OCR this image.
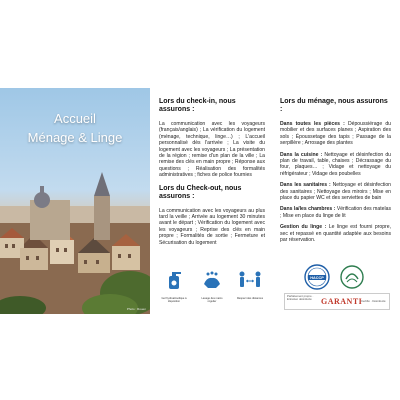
Accueil
Ménage & Linge
Photo : Rouen
Lors du check-in, nous assurons :

La communication avec les voyageurs (français/anglais) ; La vérification du logement (ménage, technique, linge…) ; L'accueil personnalisé dès l'arrivée ; La visite du logement avec les voyageurs ; La présentation de la région ; remise d'un plan de la ville ; La remise des clés en main propre ; Réponse aux questions ; Réalisation des formalités administratives ; fiches de police fournies

Lors du Check-out, nous assurons :

La communication avec les voyageurs au plus tard la veille ; Arrivée au logement 30 minutes avant le départ ; Vérification du logement avec les voyageurs ; Reprise des clés en main propre ; Formalités de sortie ; Fermeture et Sécurisation du logement

Lors du ménage, nous assurons :

Dans toutes les pièces : Dépoussiérage du mobilier et des surfaces planes ; Aspiration des sols ; Époussetage des tapis ; Passage de la serpillère ; Arrosage des plantes

Dans la cuisine : Nettoyage et désinfection du plan de travail, table, chaises ; Décrassage du four, plaques… ; Vidage et nettoyage du réfrigérateur ; Vidage des poubelles

Dans les sanitaires : Nettoyage et désinfection des sanitaires ; Nettoyage des miroirs ; Mise en place du papier WC et des serviettes de bain

Dans la/les chambres : Vérification des matelas ; Mise en place du linge de lit

Gestion du linge : Le linge est fourni propre, sec et repassé en quantité adaptée aux besoins par réservation.

Gel hydroalcoolique à disposition
Lavage des mains régulier
Respect des distances
HACCP
Parfaitement propre · Entretien désinfecté	GARANTI
Certifié · Désinfecté
